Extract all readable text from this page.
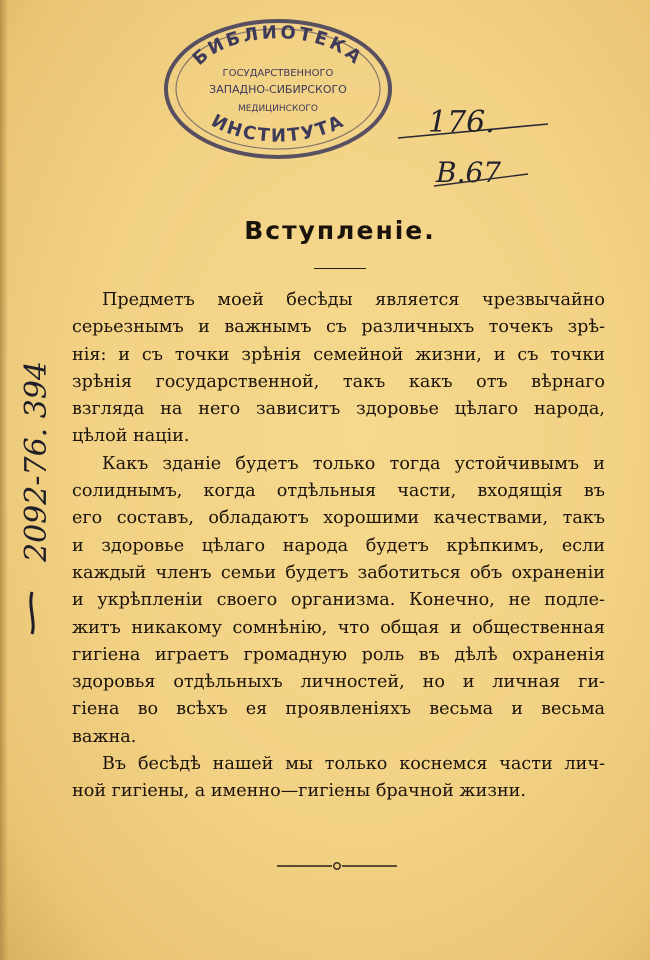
БИБЛИОТЕКА
ГОСУДАРСТВЕННОГО
ЗАПАДНО-СИБИРСКОГО
МЕДИЦИНСКОГО
ИНСТИТУТА	176.
B.67
2092-76. 394
Вступленіе.
Предметъ моей бесѣды является чрезвычайно
серьезнымъ и важнымъ съ различныхъ точекъ зрѣ-
нія: и съ точки зрѣнія семейной жизни, и съ точки
зрѣнія государственной, такъ какъ отъ вѣрнаго
взгляда на него зависитъ здоровье цѣлаго народа,
цѣлой націи.
Какъ зданіе будетъ только тогда устойчивымъ и
солиднымъ, когда отдѣльныя части, входящія въ
его составъ, обладаютъ хорошими качествами, такъ
и здоровье цѣлаго народа будетъ крѣпкимъ, если
каждый членъ семьи будетъ заботиться объ охраненіи
и укрѣпленіи своего организма. Конечно, не подле-
житъ никакому сомнѣнію, что общая и общественная
гигіена играетъ громадную роль въ дѣлѣ охраненія
здоровья отдѣльныхъ личностей, но и личная ги-
гіена во всѣхъ ея проявленіяхъ весьма и весьма
важна.
Въ бесѣдѣ нашей мы только коснемся части лич-
ной гигіены, а именно—гигіены брачной жизни.
